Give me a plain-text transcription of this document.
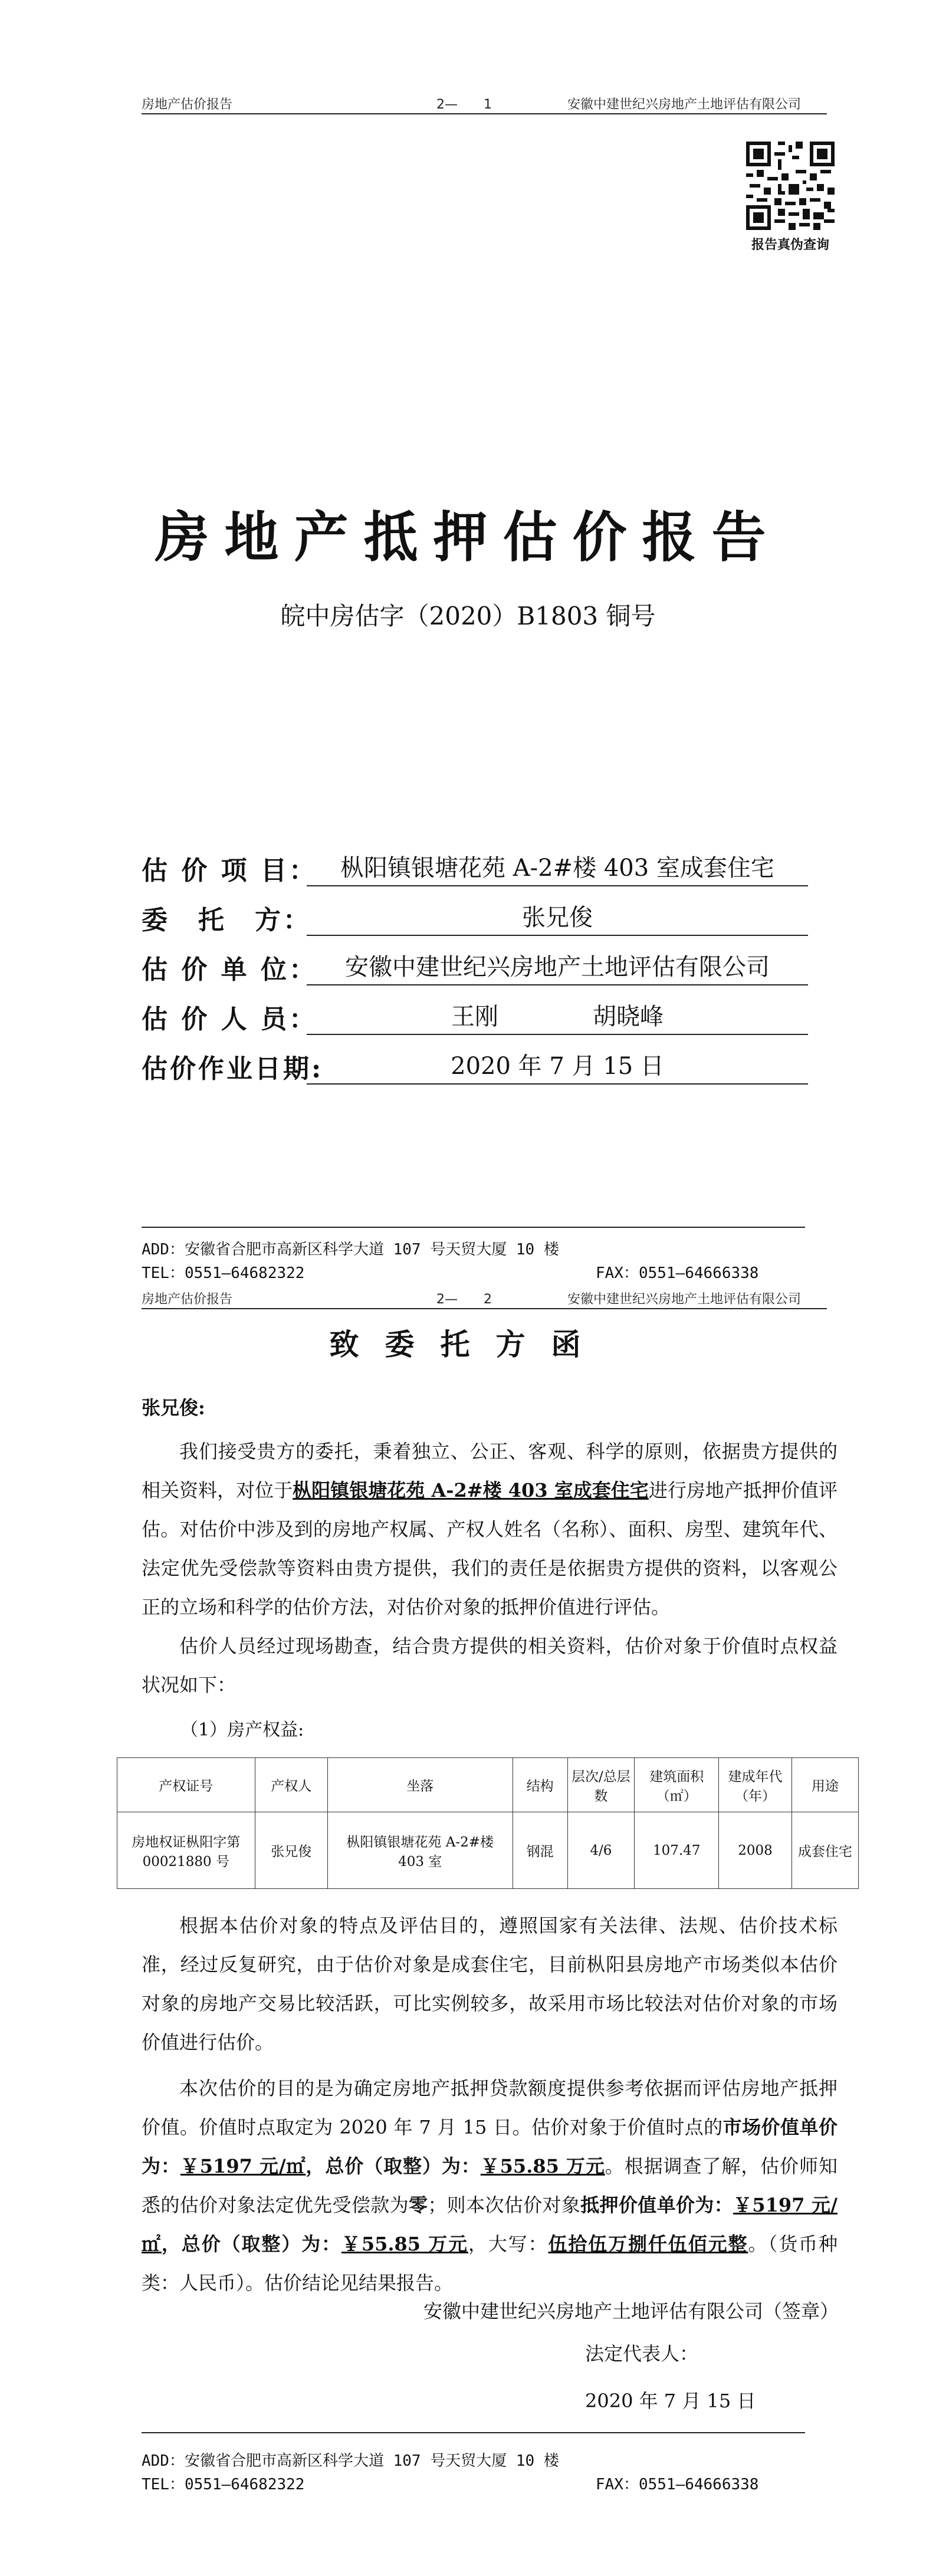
房地产估价报告	2—　　1	安徽中建世纪兴房地产土地评估有限公司
报告真伪查询
房地产抵押估价报告
皖中房估字（2020）B1803 铜号
估 价 项 目： 枞阳镇银塘花苑 A-2#楼 403 室成套住宅
委　托　方：	张兄俊
估 价 单 位：	安徽中建世纪兴房地产土地评估有限公司
估 价 人 员：	王刚　　　　胡晓峰
估价作业日期:	2020 年 7 月 15 日
ADD：安徽省合肥市高新区科学大道 107 号天贸大厦 10 楼
TEL：0551—64682322	FAX：0551—64666338
房地产估价报告	2—　　2	安徽中建世纪兴房地产土地评估有限公司
致委托方函
张兄俊:
我们接受贵方的委托，秉着独立、公正、客观、科学的原则，依据贵方提供的相关资料，对位于枞阳镇银塘花苑 A-2#楼 403 室成套住宅进行房地产抵押价值评估。对估价中涉及到的房地产权属、产权人姓名（名称）、面积、房型、建筑年代、法定优先受偿款等资料由贵方提供，我们的责任是依据贵方提供的资料，以客观公正的立场和科学的估价方法，对估价对象的抵押价值进行评估。
估价人员经过现场勘查，结合贵方提供的相关资料，估价对象于价值时点权益状况如下：
（1）房产权益:
产权证号	产权人	坐落	结构	层次/总层数	建筑面积（㎡）	建成年代（年）	用途
房地权证枞阳字第 00021880 号	张兄俊	枞阳镇银塘花苑 A-2#楼 403 室	钢混	4/6	107.47	2008	成套住宅
根据本估价对象的特点及评估目的，遵照国家有关法律、法规、估价技术标准，经过反复研究，由于估价对象是成套住宅，目前枞阳县房地产市场类似本估价对象的房地产交易比较活跃，可比实例较多，故采用市场比较法对估价对象的市场价值进行估价。
本次估价的目的是为确定房地产抵押贷款额度提供参考依据而评估房地产抵押价值。价值时点取定为 2020 年 7 月 15 日。估价对象于价值时点的市场价值单价为：￥5197 元/㎡，总价（取整）为：￥55.85 万元。根据调查了解，估价师知悉的估价对象法定优先受偿款为零；则本次估价对象抵押价值单价为：￥5197 元/㎡，总价（取整）为：￥55.85 万元，大写：伍拾伍万捌仟伍佰元整。（货币种类：人民币）。估价结论见结果报告。
安徽中建世纪兴房地产土地评估有限公司（签章）
法定代表人：
2020 年 7 月 15 日
ADD：安徽省合肥市高新区科学大道 107 号天贸大厦 10 楼
TEL：0551—64682322	FAX：0551—64666338
